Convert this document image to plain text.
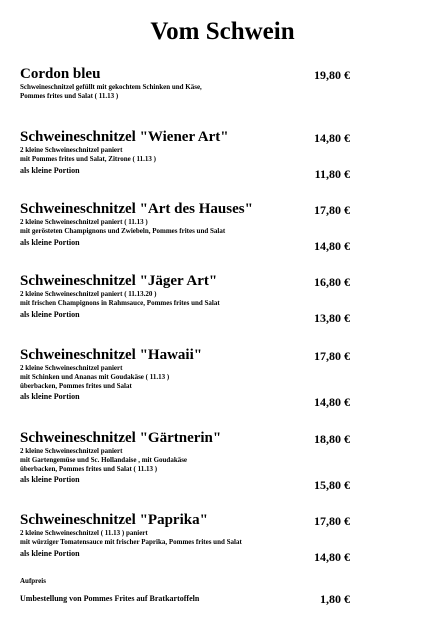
Vom Schwein
Cordon bleu	19,80 €
Schweineschnitzel gefüllt mit gekochtem Schinken und Käse,
Pommes frites und Salat ( 11.13 )
Schweineschnitzel "Wiener Art"	14,80 €
2 kleine Schweineschnitzel paniert
mit Pommes frites und Salat, Zitrone ( 11.13 )
als kleine Portion	11,80 €
Schweineschnitzel "Art des Hauses"	17,80 €
2 kleine Schweineschnitzel paniert ( 11.13 )
mit gerösteten Champignons und Zwiebeln, Pommes frites und Salat
als kleine Portion	14,80 €
Schweineschnitzel "Jäger Art"	16,80 €
2 kleine Schweineschnitzel paniert ( 11.13.20 )
mit frischen Champignons in Rahmsauce, Pommes frites und Salat
als kleine Portion	13,80 €
Schweineschnitzel "Hawaii"	17,80 €
2 kleine Schweineschnitzel paniert
mit Schinken und Ananas mit Goudakäse ( 11.13 )
überbacken, Pommes frites und Salat
als kleine Portion	14,80 €
Schweineschnitzel "Gärtnerin"	18,80 €
2 kleine Schweineschnitzel paniert
mit Gartengemüse und Sc. Hollandaise , mit Goudakäse
überbacken, Pommes frites und Salat ( 11.13 )
als kleine Portion	15,80 €
Schweineschnitzel "Paprika"	17,80 €
2 kleine Schweineschnitzel ( 11.13 ) paniert
mit würziger Tomatensauce mit frischer Paprika, Pommes frites und Salat
als kleine Portion	14,80 €
Aufpreis
Umbestellung von Pommes Frites auf Bratkartoffeln	1,80 €
